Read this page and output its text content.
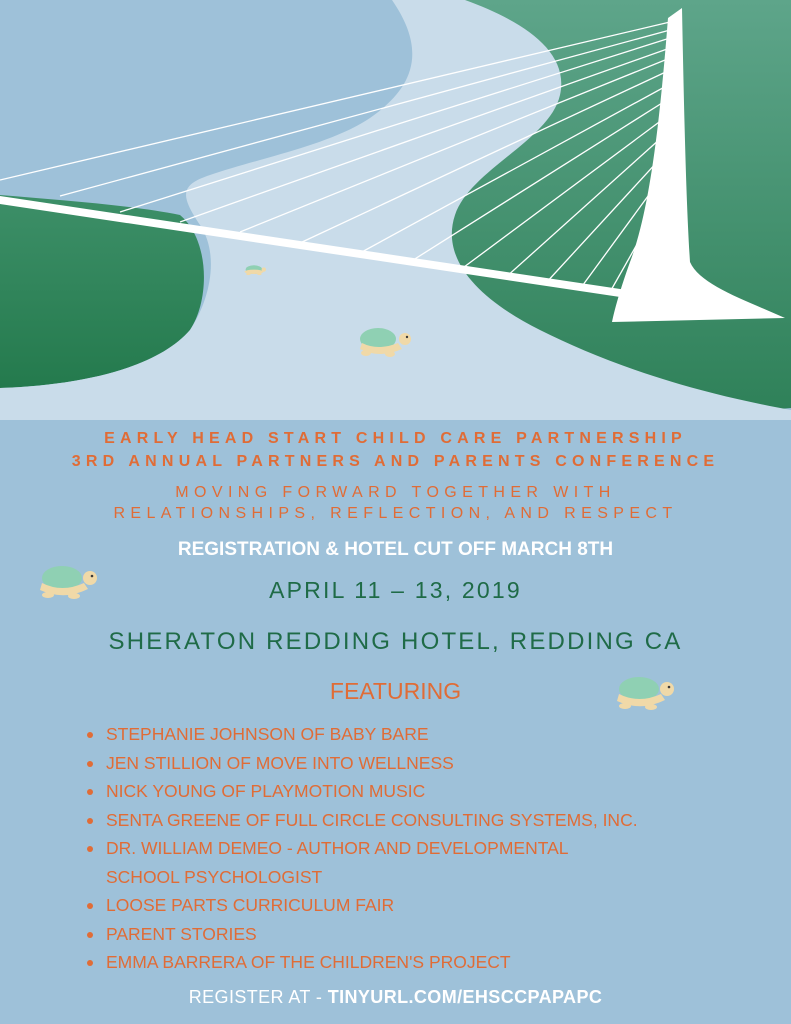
EARLY HEAD START CHILD CARE PARTNERSHIP
3RD ANNUAL PARTNERS AND PARENTS CONFERENCE
MOVING FORWARD TOGETHER WITH
RELATIONSHIPS, REFLECTION, AND RESPECT
REGISTRATION & HOTEL CUT OFF MARCH 8TH
APRIL 11 – 13, 2019
SHERATON REDDING HOTEL, REDDING CA
FEATURING
STEPHANIE JOHNSON OF BABY BARE
JEN STILLION OF MOVE INTO WELLNESS
NICK YOUNG OF PLAYMOTION MUSIC
SENTA GREENE OF FULL CIRCLE CONSULTING SYSTEMS, INC.
DR. WILLIAM DEMEO - AUTHOR AND DEVELOPMENTAL
SCHOOL PSYCHOLOGIST
LOOSE PARTS CURRICULUM FAIR
PARENT STORIES
EMMA BARRERA OF THE CHILDREN'S PROJECT
REGISTER AT - TINYURL.COM/EHSCCPAPAPC
